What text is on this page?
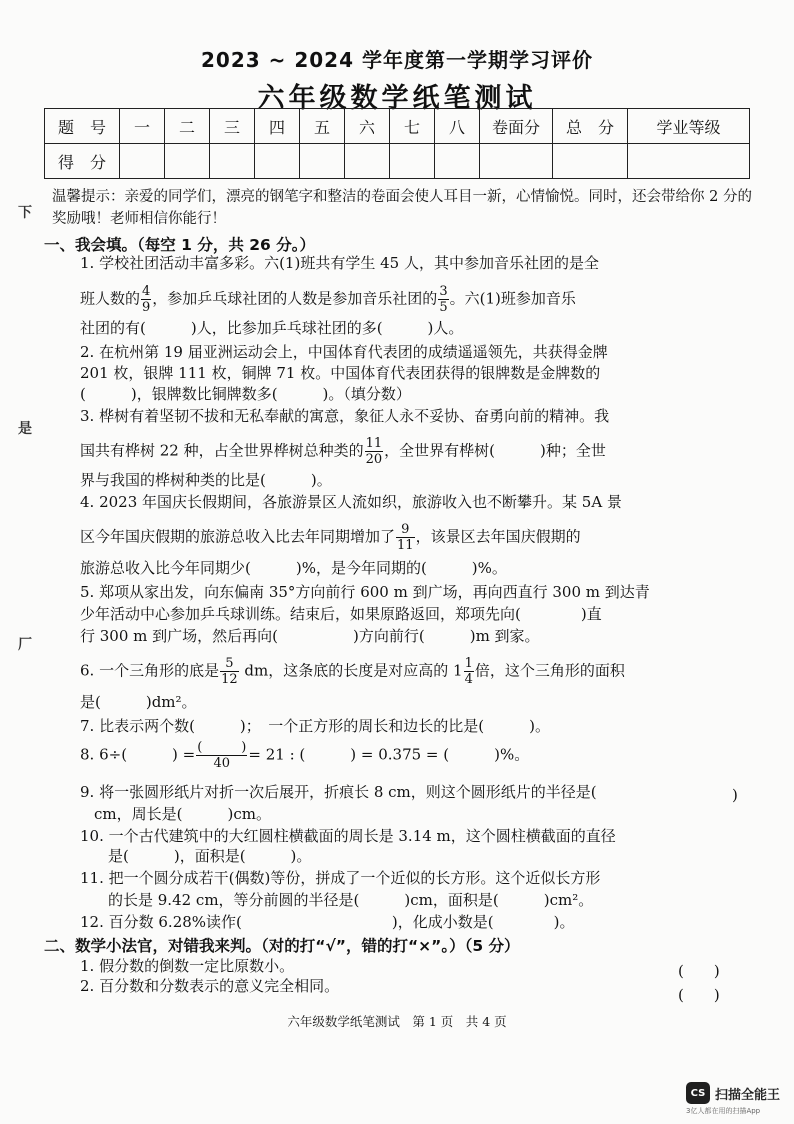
2023 ~ 2024 学年度第一学期学习评价
六年级数学纸笔测试
题　号	一	二	三	四	五	六	七	八	卷面分	总　分	学业等级
得　分											
温馨提示：亲爱的同学们，漂亮的钢笔字和整洁的卷面会使人耳目一新，心情愉悦。同时，还会带给你 2 分的奖励哦！老师相信你能行！
下
是
厂
一、我会填。（每空 1 分，共 26 分。）
1. 学校社团活动丰富多彩。六(1)班共有学生 45 人，其中参加音乐社团的是全
班人数的 $\frac{4}{9}$ ，参加乒乓球社团的人数是参加音乐社团的 $\frac{3}{5}$ 。六(1)班参加音乐
社团的有(　　　)人，比参加乒乓球社团的多(　　　)人。
2. 在杭州第 19 届亚洲运动会上，中国体育代表团的成绩遥遥领先，共获得金牌
201 枚，银牌 111 枚，铜牌 71 枚。中国体育代表团获得的银牌数是金牌数的
(　　　)，银牌数比铜牌数多(　　　)。（填分数）
3. 桦树有着坚韧不拔和无私奉献的寓意，象征人永不妥协、奋勇向前的精神。我
国共有桦树 22 种，占全世界桦树总种类的 $\frac{11}{20}$ ，全世界有桦树(　　　)种；全世
界与我国的桦树种类的比是(　　　)。
4. 2023 年国庆长假期间，各旅游景区人流如织，旅游收入也不断攀升。某 5A 景
区今年国庆假期的旅游总收入比去年同期增加了 $\frac{9}{11}$ ，该景区去年国庆假期的
旅游总收入比今年同期少(　　　)%，是今年同期的(　　　)%。
5. 郑项从家出发，向东偏南 35°方向前行 600 m 到广场，再向西直行 300 m 到达青
少年活动中心参加乒乓球训练。结束后，如果原路返回，郑项先向(　　　　)直
行 300 m 到广场，然后再向(　　　　　)方向前行(　　　)m 到家。
6. 一个三角形的底是 $\frac{5}{12}$ dm，这条底的长度是对应高的 $1 \frac{1}{4}$ 倍，这个三角形的面积
是(　　　)dm²。
7. 比表示两个数(　　　)；　一个正方形的周长和边长的比是(　　　)。
8. 6÷(　　　) = $\frac{( )}{40} = 21$ : (　　　) = 0.375 = (　　　)%。
9. 将一张圆形纸片对折一次后展开，折痕长 8 cm，则这个圆形纸片的半径是(　　　	)
cm，周长是(　　　)cm。
10. 一个古代建筑中的大红圆柱横截面的周长是 3.14 m，这个圆柱横截面的直径
是(　　　)，面积是(　　　)。
11. 把一个圆分成若干(偶数)等份，拼成了一个近似的长方形。这个近似长方形
的长是 9.42 cm，等分前圆的半径是(　　　)cm，面积是(　　　)cm²。
12. 百分数 6.28%读作(　　　　　　　　　　)，化成小数是(　　　　)。
二、数学小法官，对错我来判。（对的打“√”，错的打“×”。）（5 分）
1. 假分数的倒数一定比原数小。	(　　)
2. 百分数和分数表示的意义完全相同。	(　　)
六年级数学纸笔测试　第 1 页　共 4 页
CS 扫描全能王
3亿人都在用的扫描App
